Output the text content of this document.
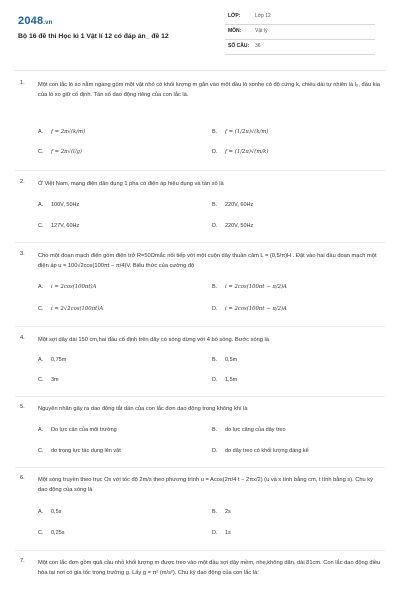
2048.vn
Bộ 16 đề thi Học kì 1 Vật lí 12 có đáp án_ đề 12
LỚP:	Lớp 12
MÔN:	Vật lý
SỐ CÂU: 36
1. Một con lắc lò xo nằm ngang gồm một vật nhỏ có khối lượng m gắn vào một đầu lò xonhẹ có độ cứng k, chiều dài tự nhiên là l₀, đầu kia của lò xo giữ cố định. Tần số dao động riêng của con lắc là.
A. f = 2π√(k/m)	B. f = (1/2π)√(k/m)
C. f = 2π√(l/g)	D. f = (1/2π)√(m/k)
2. Ở Việt Nam, mạng điện dân dụng 1 pha có điện áp hiệu dụng và tần số là
A. 100V, 50Hz	B. 220V, 60Hz
C. 127V, 60Hz	D. 220V, 50Hz
3. Cho một đoạn mạch điện gồm điện trở R=50Ωmắc nối tiếp với một cuộn dây thuần cảm L = (0,5/π)H . Đặt vào hai đầu đoạn mạch một điện áp u = 100√2cos(100πt − π/4)V. Biểu thức của cường độ
A. i = 2cos(100πt)A	B. i = 2cos(100πt − π/2)A
C. i = 2√2cos(100πt)A	D. i = 2cos(100πt − π/2)A
4. Một sợi dây dài 150 cm,hai đầu cố định trên dây có sóng dừng với 4 bó sóng. Bước sóng là
A. 0,75m	B. 0,5m
C. 3m	D. 1,5m
5. Nguyên nhân gây ra dao động tắt dần của con lắc đơn dao động trong không khí là
A. Do lực cản của môi trường	B. do lực căng của dây treo
C. do trọng lực tác dụng lên vật	D. do dây treo có khối lượng đáng kể
6. Một sóng truyền theo trục Ox với tốc độ 2m/s theo phương trình u = Acos(2π/4 t − 2πx/2) (u và x tính bằng cm, t tính bằng s). Chu kỳ dao động của sóng là
A. 0,5s	B. 2s
C. 0,25s	D. 1s
7. Một con lắc đơn gồm quả cầu nhỏ khối lượng m được treo vào một đầu sợi dây mềm, nhẹ,không dãn, dài 81cm. Con lắc dao động điều hòa tại nơi có gia tốc trọng trường g. Lấy g = π² (m/s²). Chu kỳ dao động của con lắc là:
